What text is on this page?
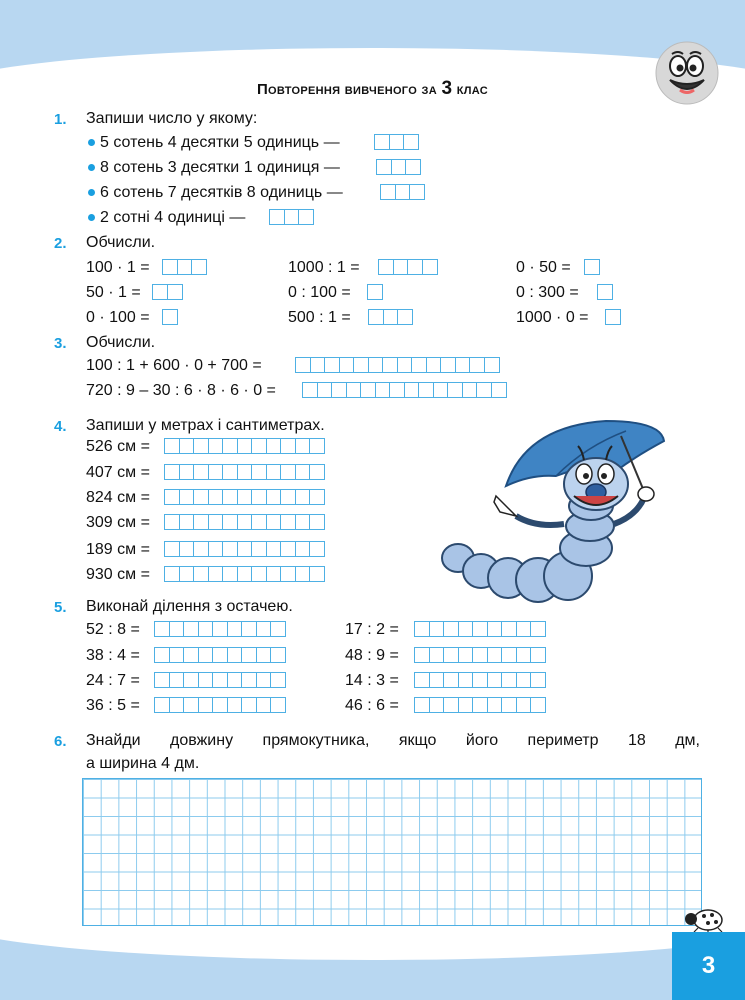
Повторення вивченого за 3 клас
1. Запиши число у якому:
5 сотень 4 десятки 5 одиниць —
8 сотень 3 десятки 1 одиниця —
6 сотень 7 десятків 8 одиниць —
2 сотні 4 одиниці —
2. Обчисли.
100 · 1 =
50 · 1 =
0 · 100 =
1000 : 1 =
0 : 100 =
500 : 1 =
0 · 50 =
0 : 300 =
1000 · 0 =
3. Обчисли.
100 : 1 + 600 · 0 + 700 =
720 : 9 – 30 : 6 · 8 · 6 · 0 =
4. Запиши у метрах і сантиметрах.
526 см =
407 см =
824 см =
309 см =
189 см =
930 см =
5. Виконай ділення з остачею.
52 : 8 =
38 : 4 =
24 : 7 =
36 : 5 =
17 : 2 =
48 : 9 =
14 : 3 =
46 : 6 =
6. Знайди довжину прямокутника, якщо його периметр 18 дм,
а ширина 4 дм.
3
